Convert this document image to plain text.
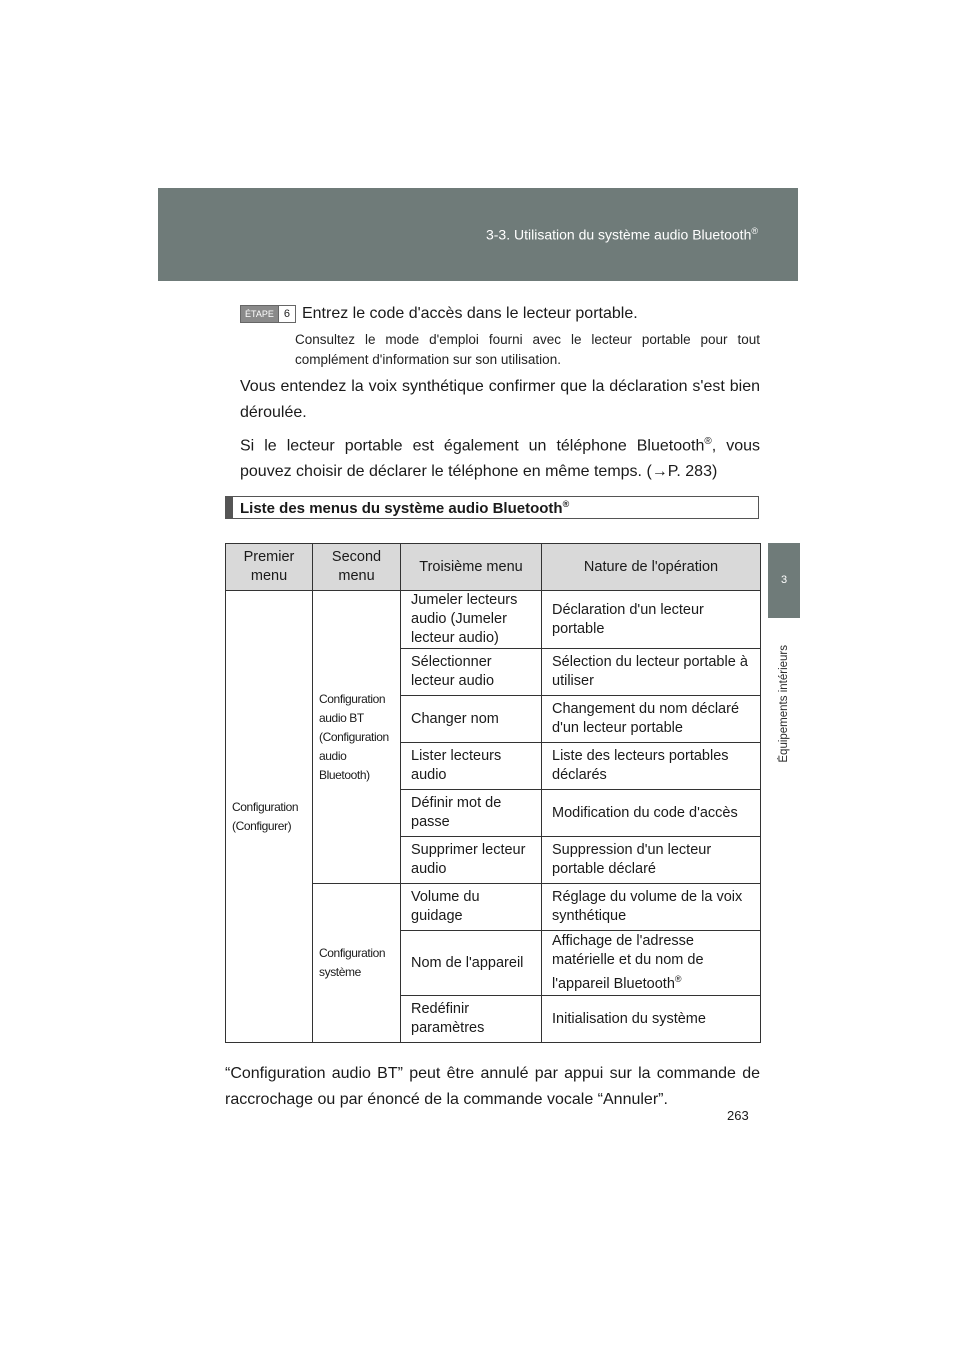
3-3. Utilisation du système audio Bluetooth®
3
Équipements intérieurs
ÉTAPE 6 Entrez le code d'accès dans le lecteur portable.
Consultez le mode d'emploi fourni avec le lecteur portable pour tout complément d'information sur son utilisation.
Vous entendez la voix synthétique confirmer que la déclaration s'est bien déroulée.
Si le lecteur portable est également un téléphone Bluetooth®, vous pouvez choisir de déclarer le téléphone en même temps. (→P. 283)
Liste des menus du système audio Bluetooth®
Premier menu	Second menu	Troisième menu	Nature de l'opération
Configuration (Configurer)	Configuration audio BT (Configuration audio Bluetooth)	Jumeler lecteurs audio (Jumeler lecteur audio)	Déclaration d'un lecteur portable
		Sélectionner lecteur audio	Sélection du lecteur portable à utiliser
		Changer nom	Changement du nom déclaré d'un lecteur portable
		Lister lecteurs audio	Liste des lecteurs portables déclarés
		Définir mot de passe	Modification du code d'accès
		Supprimer lecteur audio	Suppression d'un lecteur portable déclaré
	Configuration système	Volume du guidage	Réglage du volume de la voix synthétique
		Nom de l'appareil	Affichage de l'adresse matérielle et du nom de l'appareil Bluetooth®
		Redéfinir paramètres	Initialisation du système
“Configuration audio BT” peut être annulé par appui sur la commande de raccrochage ou par énoncé de la commande vocale “Annuler”.
263
